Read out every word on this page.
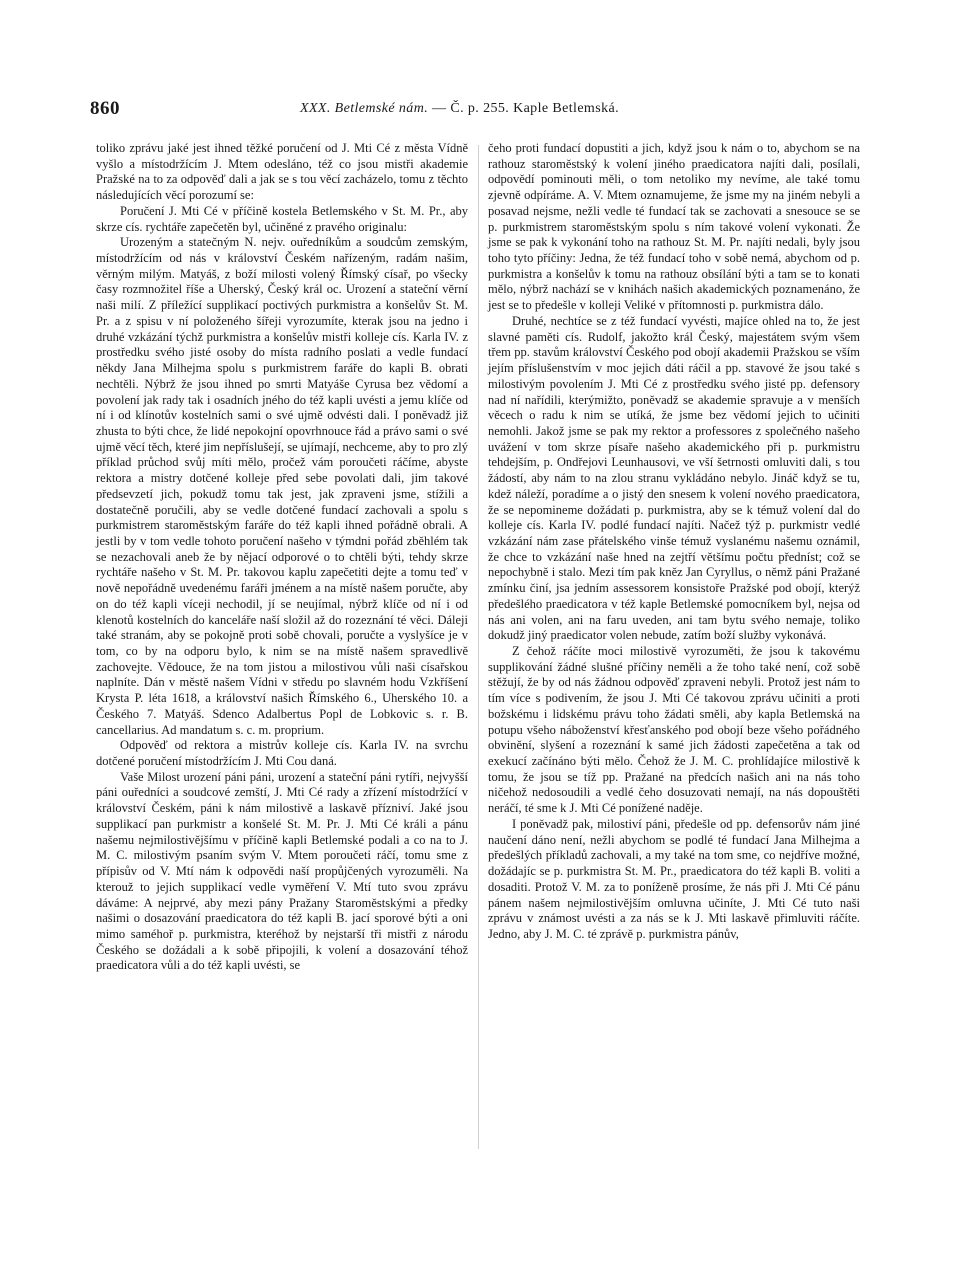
860	XXX. Betlemské nám. — Č. p. 255. Kaple Betlemská.

toliko zprávu jaké jest ihned těžké poručení od J. Mti Cé z města Vídně vyšlo a místodržícím J. Mtem odesláno, též co jsou mistři akademie Pražské na to za odpověď dali a jak se s tou věcí zacházelo, tomu z těchto následujících věcí porozumí se:

Poručení J. Mti Cé v příčině kostela Betlemského v St. M. Pr., aby skrze cís. rychtáře zapečetěn byl, učiněné z pravého originalu:

Urozeným a statečným N. nejv. ouředníkům a soudcům zemským, místodržícím od nás v království Českém nařízeným, radám našim, věrným milým. Matyáš, z boží milosti volený Římský císař, po všecky časy rozmnožitel říše a Uherský, Český král oc. Urození a stateční věrní naši milí. Z příležící supplikací poctivých purkmistra a konšelův St. M. Pr. a z spisu v ní položeného šířeji vyrozumíte, kterak jsou na jedno i druhé vzkázání týchž purkmistra a konšelův mistři kolleje cís. Karla IV. z prostředku svého jisté osoby do místa radního poslati a vedle fundací někdy Jana Milhejma spolu s purkmistrem faráře do kapli B. obrati nechtěli. Nýbrž že jsou ihned po smrti Matyáše Cyrusa bez vědomí a povolení jak rady tak i osadních jného do též kapli uvésti a jemu klíče od ní i od klínotův kostelních sami o své ujmě odvésti dali. I poněvadž již zhusta to býti chce, že lidé nepokojní opovrhnouce řád a právo sami o své ujmě věcí těch, které jim nepříslušejí, se ujímají, nechceme, aby to pro zlý příklad průchod svůj míti mělo, pročež vám poroučeti ráčíme, abyste rektora a mistry dotčené kolleje před sebe povolati dali, jim takové předsevzetí jich, pokudž tomu tak jest, jak zpraveni jsme, stížili a dostatečně poručili, aby se vedle dotčené fundací zachovali a spolu s purkmistrem staroměstským faráře do též kapli ihned pořádně obrali. A jestli by v tom vedle tohoto poručení našeho v týmdni pořád zběhlém tak se nezachovali aneb že by nějací odporové o to chtěli býti, tehdy skrze rychtáře našeho v St. M. Pr. takovou kaplu zapečetiti dejte a tomu teď v nově nepořádně uvedenému faráři jménem a na místě našem poručte, aby on do též kapli víceji nechodil, jí se neujímal, nýbrž klíče od ní i od klenotů kostelních do kanceláře naší složil až do rozeznání té věci. Dáleji také stranám, aby se pokojně proti sobě chovali, poručte a vyslyšíce je v tom, co by na odporu bylo, k nim se na místě našem spravedlivě zachovejte. Vědouce, že na tom jistou a milostivou vůli naši císařskou naplníte. Dán v městě našem Vídni v středu po slavném hodu Vzkříšení Krysta P. léta 1618, a království našich Římského 6., Uherského 10. a Českého 7. Matyáš. Sdenco Adalbertus Popl de Lobkovic s. r. B. cancellarius. Ad mandatum s. c. m. proprium.

Odpověď od rektora a mistrův kolleje cís. Karla IV. na svrchu dotčené poručení místodržícím J. Mti Cou daná.

Vaše Milost urození páni páni, urození a stateční páni rytíři, nejvyšší páni ouředníci a soudcové zemští, J. Mti Cé rady a zřízení místodržící v království Českém, páni k nám milostivě a laskavě přízniví. Jaké jsou supplikací pan purkmistr a konšelé St. M. Pr. J. Mti Cé králi a pánu našemu nejmilostivějšímu v příčině kapli Betlemské podali a co na to J. M. C. milostivým psaním svým V. Mtem poroučeti ráčí, tomu sme z přípisův od V. Mtí nám k odpovědi naší propůjčených vyrozuměli. Na kterouž to jejich supplikací vedle vyměření V. Mtí tuto svou zprávu dáváme: A nejprvé, aby mezi pány Pražany Staroměstskými a předky našimi o dosazování praedicatora do též kapli B. jací sporové býti a oni mimo saméhoř p. purkmistra, kteréhož by nejstarší tři mistři z národu Českého se dožádali a k sobě připojili, k volení a dosazování téhož praedicatora vůli a do též kapli uvésti, se

čeho proti fundací dopustiti a jich, když jsou k nám o to, abychom se na rathouz staroměstský k volení jiného praedicatora najíti dali, posílali, odpovědí pominouti měli, o tom netoliko my nevíme, ale také tomu zjevně odpíráme. A. V. Mtem oznamujeme, že jsme my na jiném nebyli a posavad nejsme, nežli vedle té fundací tak se zachovati a snesouce se se p. purkmistrem staroměstským spolu s ním takové volení vykonati. Že jsme se pak k vykonání toho na rathouz St. M. Pr. najíti nedali, byly jsou toho tyto příčiny: Jedna, že též fundací toho v sobě nemá, abychom od p. purkmistra a konšelův k tomu na rathouz obsílání býti a tam se to konati mělo, nýbrž nachází se v knihách našich akademických poznamenáno, že jest se to předešle v kolleji Veliké v přítomnosti p. purkmistra dálo.

Druhé, nechtíce se z též fundací vyvésti, majíce ohled na to, že jest slavné paměti cís. Rudolf, jakožto král Český, majestátem svým všem třem pp. stavům království Českého pod obojí akademii Pražskou se vším jejím příslušenstvím v moc jejich dáti ráčil a pp. stavové že jsou také s milostivým povolením J. Mti Cé z prostředku svého jisté pp. defensory nad ní nařídili, kterýmižto, poněvadž se akademie spravuje a v menších věcech o radu k nim se utíká, že jsme bez vědomí jejich to učiniti nemohli. Jakož jsme se pak my rektor a professores z společného našeho uvážení v tom skrze písaře našeho akademického při p. purkmistru tehdejším, p. Ondřejovi Leunhausovi, ve vší šetrnosti omluviti dali, s tou žádostí, aby nám to na zlou stranu vykládáno nebylo. Jináč když se tu, kdež náleží, poradíme a o jistý den snesem k volení nového praedicatora, že se nepomineme dožádati p. purkmistra, aby se k témuž volení dal do kolleje cís. Karla IV. podlé fundací najíti. Načež týž p. purkmistr vedlé vzkázání nám zase přátelského vinše témuž vyslanému našemu oznámil, že chce to vzkázání naše hned na zejtří většímu počtu předníst; což se nepochybně i stalo. Mezi tím pak kněz Jan Cyryllus, o němž páni Pražané zmínku činí, jsa jedním assessorem konsistoře Pražské pod obojí, kterýž předešlého praedicatora v též kaple Betlemské pomocníkem byl, nejsa od nás ani volen, ani na faru uveden, ani tam bytu svého nemaje, toliko dokudž jiný praedicator volen nebude, zatím boží služby vykonává.

Z čehož ráčíte moci milostivě vyrozuměti, že jsou k takovému supplikování žádné slušné příčiny neměli a že toho také není, což sobě stěžují, že by od nás žádnou odpověď zpraveni nebyli. Protož jest nám to tím více s podivením, že jsou J. Mti Cé takovou zprávu učiniti a proti božskému i lidskému právu toho žádati směli, aby kapla Betlemská na potupu všeho náboženství křesťanského pod obojí beze všeho pořádného obvinění, slyšení a rozeznání k samé jich žádosti zapečetěna a tak od exekucí začínáno býti mělo. Čehož že J. M. C. prohlídajíce milostivě k tomu, že jsou se tíž pp. Pražané na předcích našich ani na nás toho ničehož nedosoudili a vedlé čeho dosuzovati nemají, na nás dopouštěti neráčí, té sme k J. Mti Cé ponížené naděje.

I poněvadž pak, milostiví páni, předešle od pp. defensorův nám jiné naučení dáno není, nežli abychom se podlé té fundací Jana Milhejma a předešlých příkladů zachovali, a my také na tom sme, co nejdříve možné, dožádajíc se p. purkmistra St. M. Pr., praedicatora do též kapli B. voliti a dosaditi. Protož V. M. za to poníženě prosíme, že nás při J. Mti Cé pánu pánem našem nejmilostivějším omluvna učiníte, J. Mti Cé tuto naši zprávu v známost uvésti a za nás se k J. Mti laskavě přimluviti ráčíte. Jedno, aby J. M. C. té zprávě p. purkmistra pánův,
